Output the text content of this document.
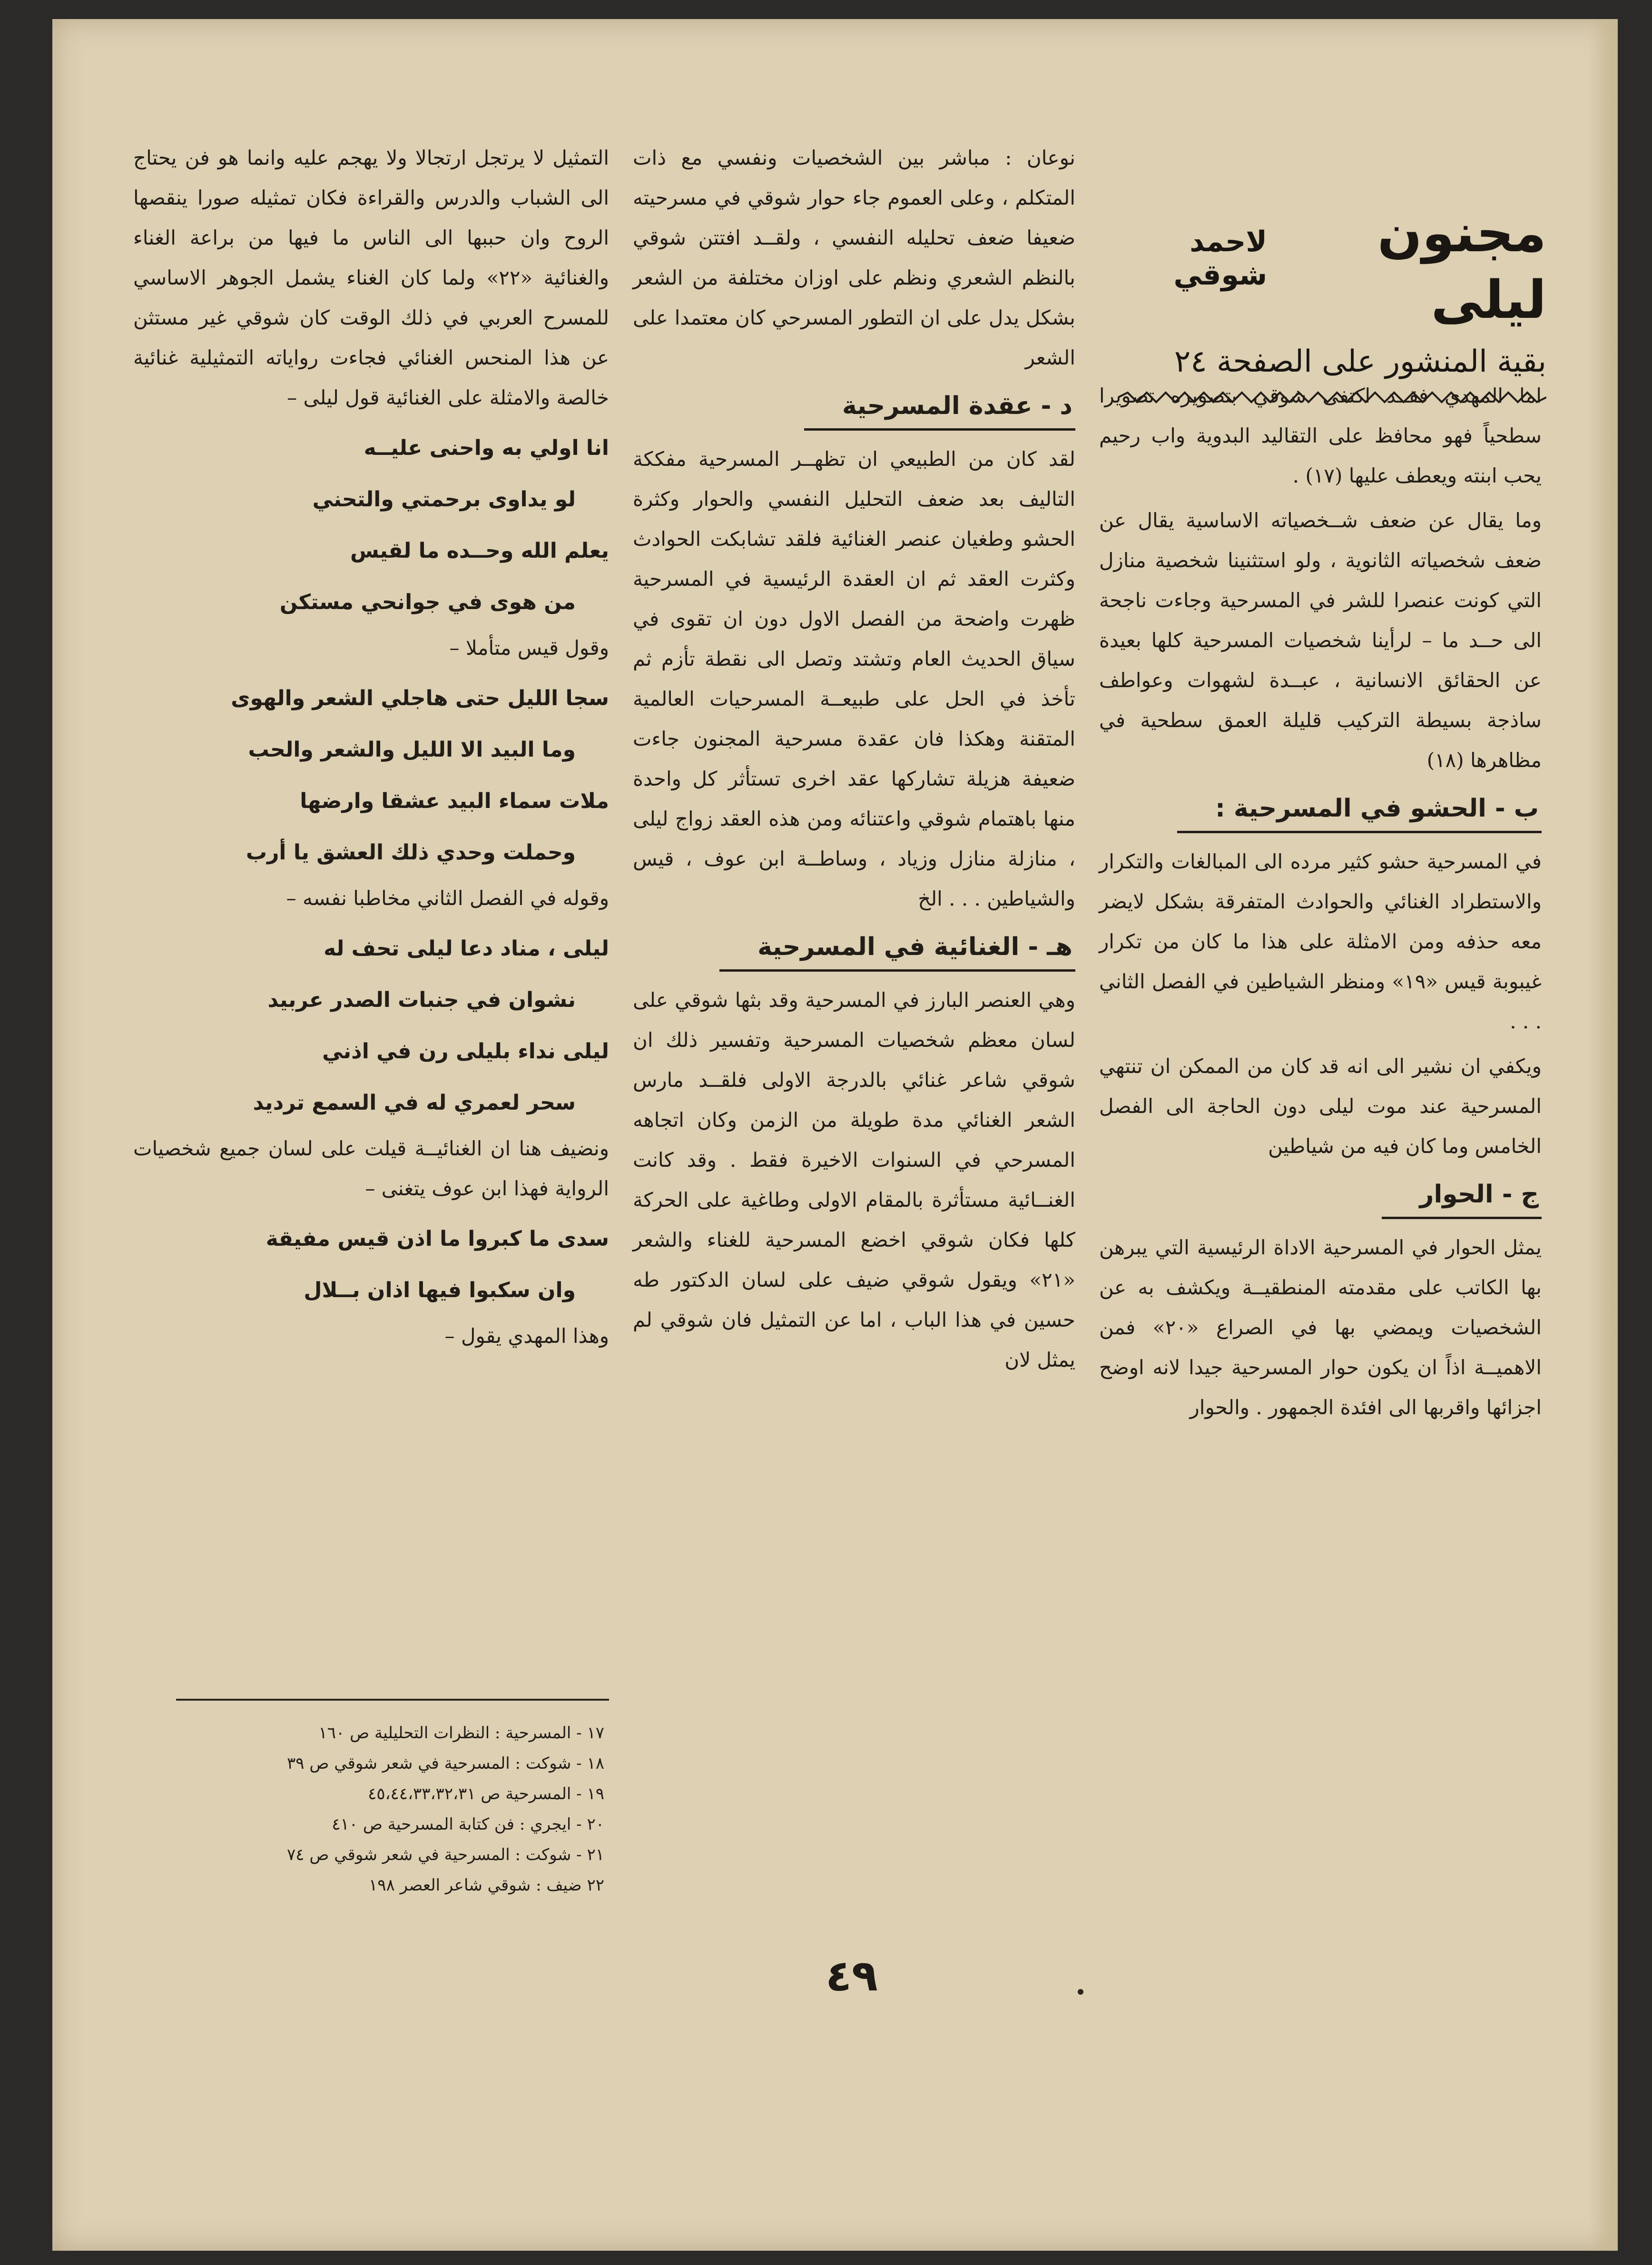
مجنون ليلى
لاحمد شوقي
بقية المنشور على الصفحة ٢٤

اما المهدي فقــد اكتفى شوقي بتصويره تصويرا سطحياً فهو محافظ على التقاليد البدوية واب رحيم يحب ابنته ويعطف عليها (١٧) .

وما يقال عن ضعف شــخصياته الاساسية يقال عن ضعف شخصياته الثانوية ، ولو استثنينا شخصية منازل التي كونت عنصرا للشر في المسرحية وجاءت ناجحة الى حــد ما – لرأينا شخصيات المسرحية كلها بعيدة عن الحقائق الانسانية ، عبــدة لشهوات وعواطف ساذجة بسيطة التركيب قليلة العمق سطحية في مظاهرها (١٨)

ب - الحشو في المسرحية :

في المسرحية حشو كثير مرده الى المبالغات والتكرار والاستطراد الغنائي والحوادث المتفرقة بشكل لايضر معه حذفه ومن الامثلة على هذا ما كان من تكرار غيبوبة قيس «١٩» ومنظر الشياطين في الفصل الثاني . . .

ويكفي ان نشير الى انه قد كان من الممكن ان تنتهي المسرحية عند موت ليلى دون الحاجة الى الفصل الخامس وما كان فيه من شياطين

ج - الحوار

يمثل الحوار في المسرحية الاداة الرئيسية التي يبرهن بها الكاتب على مقدمته المنطقيــة ويكشف به عن الشخصيات ويمضي بها في الصراع «٢٠» فمن الاهميــة اذاً ان يكون حوار المسرحية جيدا لانه اوضح اجزائها واقربها الى افئدة الجمهور . والحوار

نوعان : مباشر بين الشخصيات ونفسي مع ذات المتكلم ، وعلى العموم جاء حوار شوقي في مسرحيته ضعيفا ضعف تحليله النفسي ، ولقــد افتتن شوقي بالنظم الشعري ونظم على اوزان مختلفة من الشعر بشكل يدل على ان التطور المسرحي كان معتمدا على الشعر

د - عقدة المسرحية

لقد كان من الطبيعي ان تظهــر المسرحية مفككة التاليف بعد ضعف التحليل النفسي والحوار وكثرة الحشو وطغيان عنصر الغنائية فلقد تشابكت الحوادث وكثرت العقد ثم ان العقدة الرئيسية في المسرحية ظهرت واضحة من الفصل الاول دون ان تقوى في سياق الحديث العام وتشتد وتصل الى نقطة تأزم ثم تأخذ في الحل على طبيعــة المسرحيات العالمية المتقنة وهكذا فان عقدة مسرحية المجنون جاءت ضعيفة هزيلة تشاركها عقد اخرى تستأثر كل واحدة منها باهتمام شوقي واعتنائه ومن هذه العقد زواج ليلى ، منازلة منازل وزياد ، وساطــة ابن عوف ، قيس والشياطين . . . الخ

هـ - الغنائية في المسرحية

وهي العنصر البارز في المسرحية وقد بثها شوقي على لسان معظم شخصيات المسرحية وتفسير ذلك ان شوقي شاعر غنائي بالدرجة الاولى فلقــد مارس الشعر الغنائي مدة طويلة من الزمن وكان اتجاهه المسرحي في السنوات الاخيرة فقط . وقد كانت الغنــائية مستأثرة بالمقام الاولى وطاغية على الحركة كلها فكان شوقي اخضع المسرحية للغناء والشعر «٢١» ويقول شوقي ضيف على لسان الدكتور طه حسين في هذا الباب ، اما عن التمثيل فان شوقي لم يمثل لان

التمثيل لا يرتجل ارتجالا ولا يهجم عليه وانما هو فن يحتاج الى الشباب والدرس والقراءة فكان تمثيله صورا ينقصها الروح وان حببها الى الناس ما فيها من براعة الغناء والغنائية «٢٢» ولما كان الغناء يشمل الجوهر الاساسي للمسرح العربي في ذلك الوقت كان شوقي غير مستثن عن هذا المنحس الغنائي فجاءت رواياته التمثيلية غنائية خالصة والامثلة على الغنائية قول ليلى –

انا اولي به واحنى عليــه
لو يداوى برحمتي والتحني
يعلم الله وحــده ما لقيس
من هوى في جوانحي مستكن

وقول قيس متأملا –

سجا الليل حتى هاجلي الشعر والهوى
وما البيد الا الليل والشعر والحب
ملات سماء البيد عشقا وارضها
وحملت وحدي ذلك العشق يا أرب

وقوله في الفصل الثاني مخاطبا نفسه –

ليلى ، مناد دعا ليلى تحف له
نشوان في جنبات الصدر عربيد
ليلى نداء بليلى رن في اذني
سحر لعمري له في السمع ترديد

ونضيف هنا ان الغنائيــة قيلت على لسان جميع شخصيات الرواية فهذا ابن عوف يتغنى –

سدى ما كبروا ما اذن قيس مفيقة
وان سكبوا فيها اذان بــلال

وهذا المهدي يقول –

١٧ - المسرحية : النظرات التحليلية ص ١٦٠
١٨ - شوكت : المسرحية في شعر شوقي ص ٣٩
١٩ - المسرحية ص ٤٥،٤٤،٣٣،٣٢،٣١
٢٠ - ايجري : فن كتابة المسرحية ص ٤١٠
٢١ - شوكت : المسرحية في شعر شوقي ص ٧٤
٢٢ ضيف : شوقي شاعر العصر ١٩٨
٤٩
